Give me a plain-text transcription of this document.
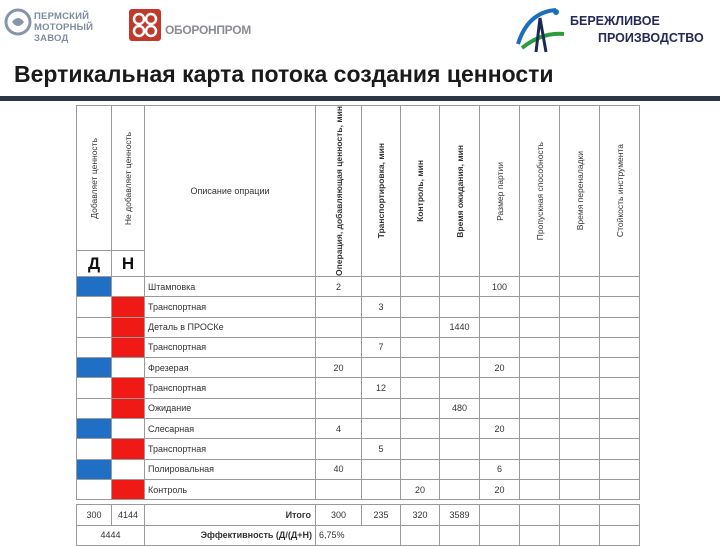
ПЕРМСКИЙ
МОТОРНЫЙ ЗАВОД
ОБОРОНПРОМ
БЕРЕЖЛИВОЕ
ПРОИЗВОДСТВО
Вертикальная карта потока создания ценности
Добавляет ценность	Не добавляет ценность	Описание опрации	Операция, добавляющая ценность, мин	Транспортировка, мин	Контроль, мин	Время ожидания, мин	Размер партии	Пропускная способность	Время переналадки	Стойкость инструмента

Д	Н									
		Штамповка	2				100			
		Транспортная		3						
		Деталь в ПРОСКе				1440				
		Транспортная		7						
		Фрезерая	20				20			
		Транспортная		12						
		Ожидание				480				
		Слесарная	4				20			
		Транспортная		5						
		Полировальная	40				6			
		Контроль			20		20			

300	4144	Итого	300	235	320	3589				
4444		Эффективность (Д/(Д+Н)	6,75%							
